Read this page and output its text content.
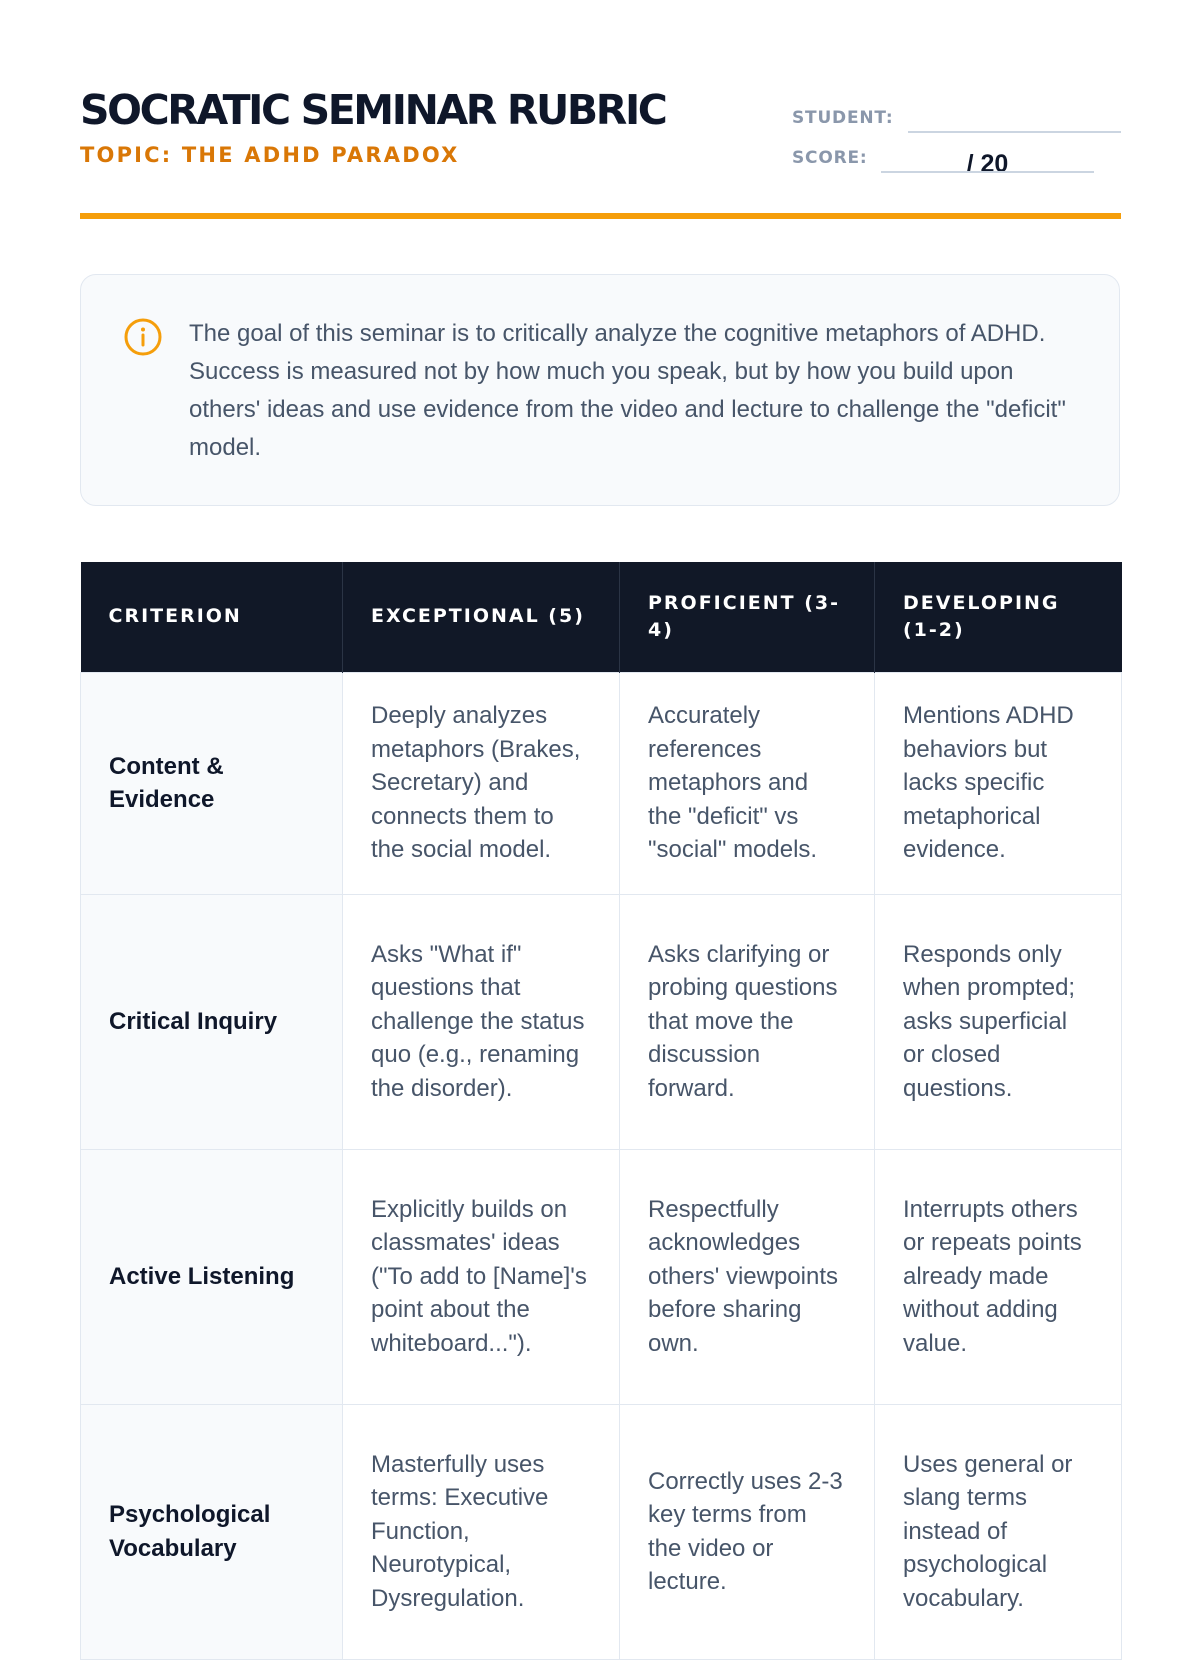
SOCRATIC SEMINAR RUBRIC
TOPIC: THE ADHD PARADOX
STUDENT:
SCORE:	/ 20

The goal of this seminar is to critically analyze the cognitive metaphors of ADHD. Success is measured not by how much you speak, but by how you build upon others' ideas and use evidence from the video and lecture to challenge the "deficit" model.

CRITERION	EXCEPTIONAL (5)	PROFICIENT (3-4)	DEVELOPING (1-2)
Content & Evidence	Deeply analyzes metaphors (Brakes, Secretary) and connects them to the social model.	Accurately references metaphors and the "deficit" vs "social" models.	Mentions ADHD behaviors but lacks specific metaphorical evidence.
Critical Inquiry	Asks "What if" questions that challenge the status quo (e.g., renaming the disorder).	Asks clarifying or probing questions that move the discussion forward.	Responds only when prompted; asks superficial or closed questions.
Active Listening	Explicitly builds on classmates' ideas ("To add to [Name]'s point about the whiteboard...").	Respectfully acknowledges others' viewpoints before sharing own.	Interrupts others or repeats points already made without adding value.
Psychological Vocabulary	Masterfully uses terms: Executive Function, Neurotypical, Dysregulation.	Correctly uses 2-3 key terms from the video or lecture.	Uses general or slang terms instead of psychological vocabulary.
